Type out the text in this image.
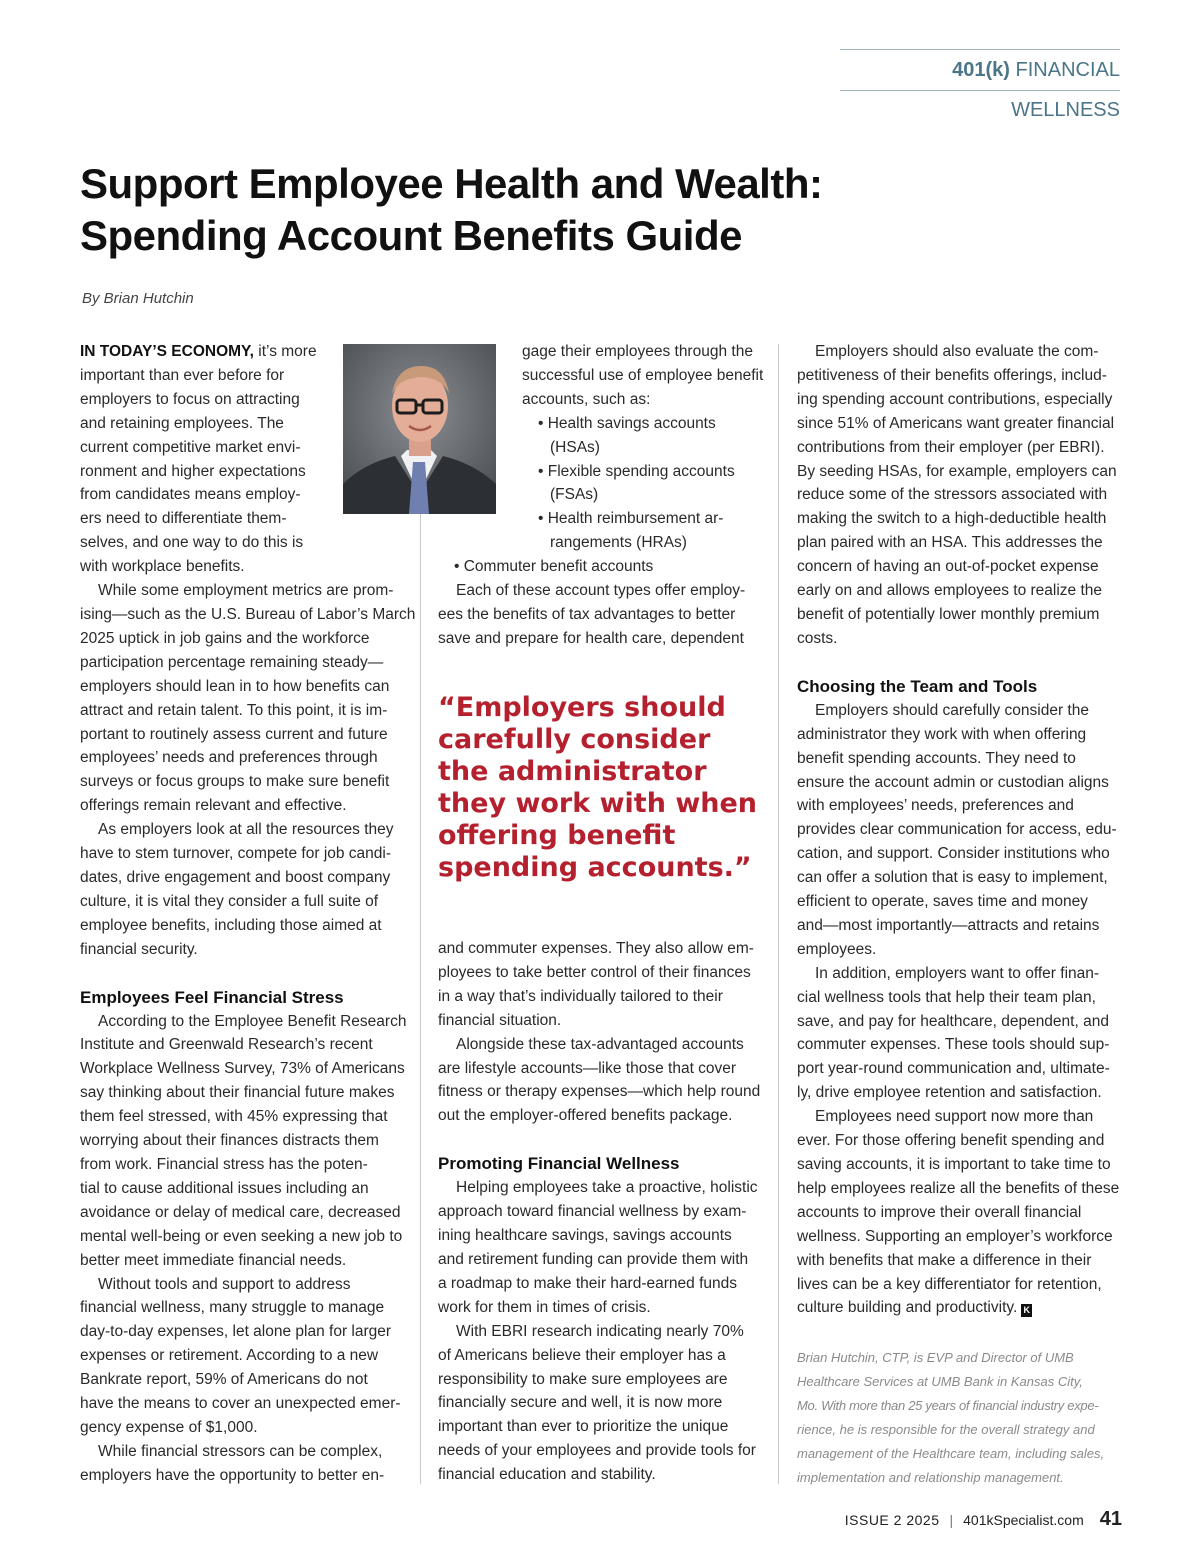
401(k) FINANCIAL WELLNESS
Support Employee Health and Wealth:
Spending Account Benefits Guide
By Brian Hutchin
IN TODAY’S ECONOMY, it’s more
important than ever before for
employers to focus on attracting
and retaining employees. The
current competitive market envi-
ronment and higher expectations
from candidates means employ-
ers need to differentiate them-
selves, and one way to do this is
with workplace benefits.
While some employment metrics are prom-
ising—such as the U.S. Bureau of Labor’s March
2025 uptick in job gains and the workforce
participation percentage remaining steady—
employers should lean in to how benefits can
attract and retain talent. To this point, it is im-
portant to routinely assess current and future
employees’ needs and preferences through
surveys or focus groups to make sure benefit
offerings remain relevant and effective.
As employers look at all the resources they
have to stem turnover, compete for job candi-
dates, drive engagement and boost company
culture, it is vital they consider a full suite of
employee benefits, including those aimed at
financial security.
Employees Feel Financial Stress
According to the Employee Benefit Research
Institute and Greenwald Research’s recent
Workplace Wellness Survey, 73% of Americans
say thinking about their financial future makes
them feel stressed, with 45% expressing that
worrying about their finances distracts them
from work. Financial stress has the poten-
tial to cause additional issues including an
avoidance or delay of medical care, decreased
mental well-being or even seeking a new job to
better meet immediate financial needs.
Without tools and support to address
financial wellness, many struggle to manage
day-to-day expenses, let alone plan for larger
expenses or retirement. According to a new
Bankrate report, 59% of Americans do not
have the means to cover an unexpected emer-
gency expense of $1,000.
While financial stressors can be complex,
employers have the opportunity to better en-
gage their employees through the
successful use of employee benefit
accounts, such as:
• Health savings accounts
(HSAs)
• Flexible spending accounts
(FSAs)
• Health reimbursement ar-
rangements (HRAs)
• Commuter benefit accounts
Each of these account types offer employ-
ees the benefits of tax advantages to better
save and prepare for health care, dependent
“Employers should
carefully consider
the administrator
they work with when
offering benefit
spending accounts.”
and commuter expenses. They also allow em-
ployees to take better control of their finances
in a way that’s individually tailored to their
financial situation.
Alongside these tax-advantaged accounts
are lifestyle accounts—like those that cover
fitness or therapy expenses—which help round
out the employer-offered benefits package.
Promoting Financial Wellness
Helping employees take a proactive, holistic
approach toward financial wellness by exam-
ining healthcare savings, savings accounts
and retirement funding can provide them with
a roadmap to make their hard-earned funds
work for them in times of crisis.
With EBRI research indicating nearly 70%
of Americans believe their employer has a
responsibility to make sure employees are
financially secure and well, it is now more
important than ever to prioritize the unique
needs of your employees and provide tools for
financial education and stability.
Employers should also evaluate the com-
petitiveness of their benefits offerings, includ-
ing spending account contributions, especially
since 51% of Americans want greater financial
contributions from their employer (per EBRI).
By seeding HSAs, for example, employers can
reduce some of the stressors associated with
making the switch to a high-deductible health
plan paired with an HSA. This addresses the
concern of having an out-of-pocket expense
early on and allows employees to realize the
benefit of potentially lower monthly premium
costs.
Choosing the Team and Tools
Employers should carefully consider the
administrator they work with when offering
benefit spending accounts. They need to
ensure the account admin or custodian aligns
with employees’ needs, preferences and
provides clear communication for access, edu-
cation, and support. Consider institutions who
can offer a solution that is easy to implement,
efficient to operate, saves time and money
and—most importantly—attracts and retains
employees.
In addition, employers want to offer finan-
cial wellness tools that help their team plan,
save, and pay for healthcare, dependent, and
commuter expenses. These tools should sup-
port year-round communication and, ultimate-
ly, drive employee retention and satisfaction.
Employees need support now more than
ever. For those offering benefit spending and
saving accounts, it is important to take time to
help employees realize all the benefits of these
accounts to improve their overall financial
wellness. Supporting an employer’s workforce
with benefits that make a difference in their
lives can be a key differentiator for retention,
culture building and productivity. K
Brian Hutchin, CTP, is EVP and Director of UMB
Healthcare Services at UMB Bank in Kansas City,
Mo. With more than 25 years of financial industry expe-
rience, he is responsible for the overall strategy and
management of the Healthcare team, including sales,
implementation and relationship management.
ISSUE 2 2025 | 401kSpecialist.com 41
